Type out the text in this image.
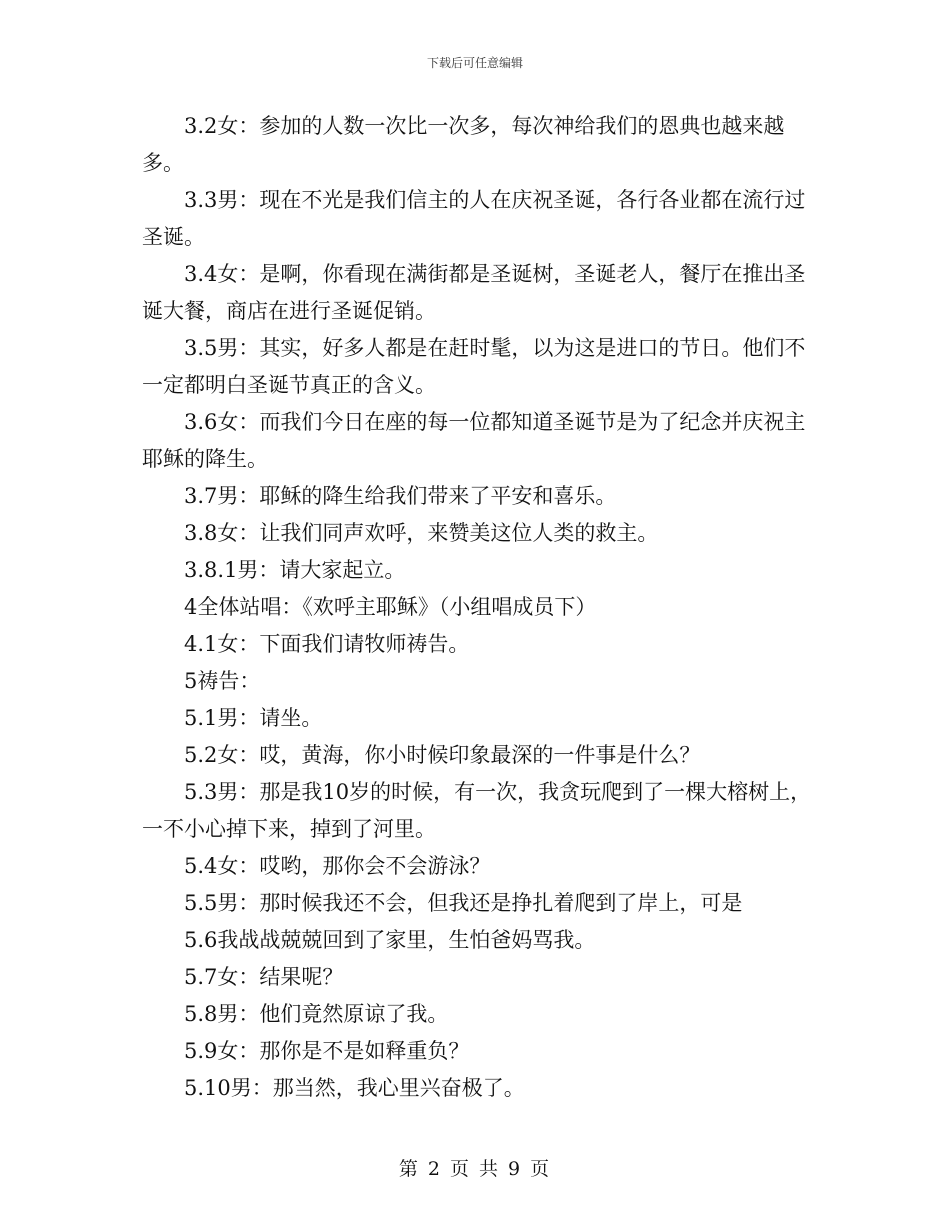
下载后可任意编辑

3.2女：参加的人数一次比一次多，每次神给我们的恩典也越来越多。

3.3男：现在不光是我们信主的人在庆祝圣诞，各行各业都在流行过圣诞。

3.4女：是啊，你看现在满街都是圣诞树，圣诞老人，餐厅在推出圣诞大餐，商店在进行圣诞促销。

3.5男：其实，好多人都是在赶时髦，以为这是进口的节日。他们不一定都明白圣诞节真正的含义。

3.6女：而我们今日在座的每一位都知道圣诞节是为了纪念并庆祝主耶稣的降生。

3.7男：耶稣的降生给我们带来了平安和喜乐。

3.8女：让我们同声欢呼，来赞美这位人类的救主。

3.8.1男：请大家起立。

4全体站唱：《欢呼主耶稣》（小组唱成员下）

4.1女：下面我们请牧师祷告。

5祷告：

5.1男：请坐。

5.2女：哎，黄海，你小时候印象最深的一件事是什么？

5.3男：那是我10岁的时候，有一次，我贪玩爬到了一棵大榕树上，一不小心掉下来，掉到了河里。

5.4女：哎哟，那你会不会游泳？

5.5男：那时候我还不会，但我还是挣扎着爬到了岸上，可是

5.6我战战兢兢回到了家里，生怕爸妈骂我。

5.7女：结果呢？

5.8男：他们竟然原谅了我。

5.9女：那你是不是如释重负？

5.10男：那当然，我心里兴奋极了。

第 2 页 共 9 页
